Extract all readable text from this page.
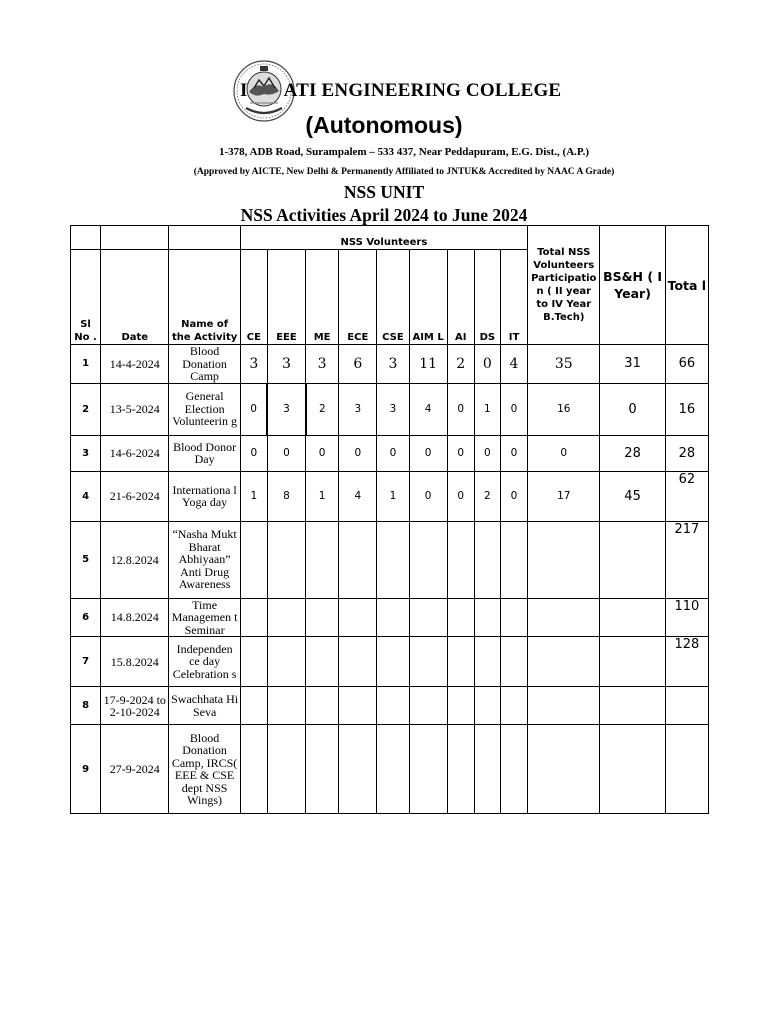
I ATI ENGINEERING COLLEGE
(Autonomous)
1-378, ADB Road, Surampalem – 533 437, Near Peddapuram, E.G. Dist., (A.P.)
(Approved by AICTE, New Delhi & Permanently Affiliated to JNTUK& Accredited by NAAC A Grade)
NSS UNIT
NSS Activities April 2024 to June 2024
			NSS Volunteers									Total NSS Volunteers Participatio n ( II year to IV Year B.Tech)	BS&H ( I Year)	Tota l
Sl No .	Date	Name of the Activity	CE	EEE	ME	ECE	CSE	AIM L	AI	DS	IT			
1	14-4-2024	Blood Donation Camp	3	3	3	6	3	11	2	0	4	35	31	66
2	13-5-2024	General Election Volunteerin g	0	3	2	3	3	4	0	1	0	16	0	16
3	14-6-2024	Blood Donor Day	0	0	0	0	0	0	0	0	0	0	28	28
4	21-6-2024	Internationa l Yoga day	1	8	1	4	1	0	0	2	0	17	45	62
5	12.8.2024	“Nasha Mukt Bharat Abhiyaan” Anti Drug Awareness												217
6	14.8.2024	Time Managemen t Seminar												110
7	15.8.2024	Independen ce day Celebration s												128
8	17-9-2024 to 2-10-2024	Swachhata Hi Seva												
9	27-9-2024	Blood Donation Camp, IRCS( EEE & CSE dept NSS Wings)												
